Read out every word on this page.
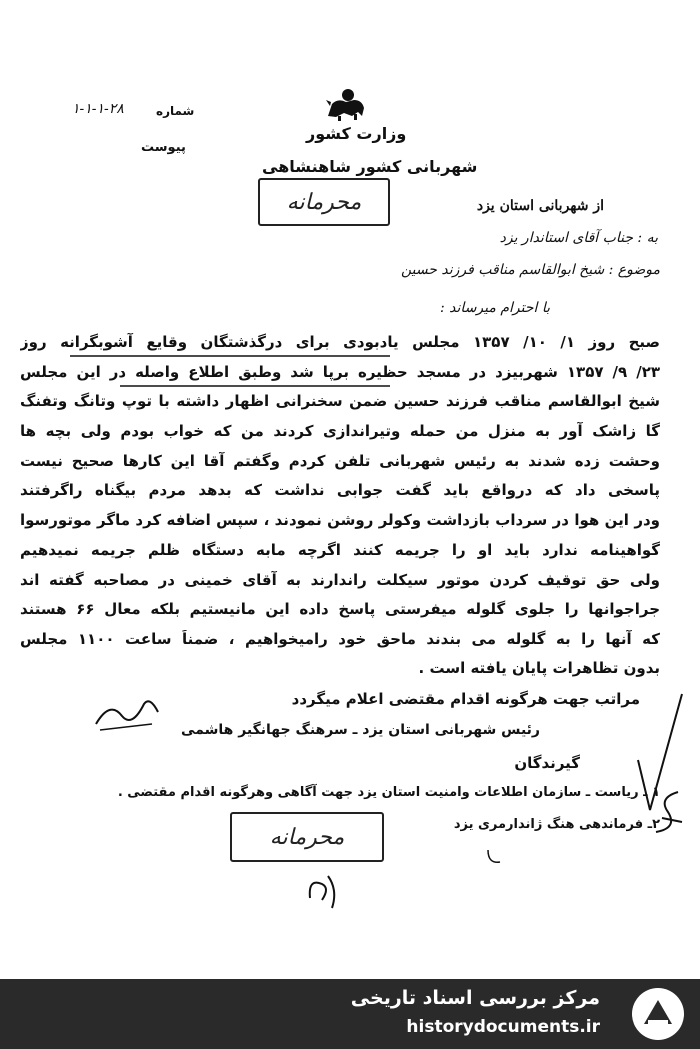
وزارت کشور
شهربانی کشور شاهنشاهی
شماره
۱-۱-۱-۲۸
پیوست
محرمانه	از شهربانی استان یزد
به : جناب آقای استاندار یزد
موضوع : شیخ ابوالقاسم مناقب فرزند حسین
با احترام میرساند :
صبح روز ۱/ ۱۰/ ۱۳۵۷ مجلس یادبودی برای درگذشتگان وقایع آشوبگرانه روز
۲۳/ ۹/ ۱۳۵۷ شهربیزد در مسجد حظیره برپا شد وطبق اطلاع واصله در این مجلس
شیخ ابوالقاسم مناقب فرزند حسین ضمن سخنرانی اظهار داشته با توپ وتانگ وتفنگ
گا زاشک آور به منزل من حمله وتیراندازی کردند من که خواب بودم ولی بچه ها
وحشت زده شدند به رئیس شهربانی تلفن کردم وگفتم آقا این کارها صحیح نیست
پاسخی داد که درواقع باید گفت جوابی نداشت که بدهد مردم بیگناه راگرفتند
ودر این هوا در سرداب بازداشت وکولر روشن نمودند ، سپس اضافه کرد ماگر موتورسوا
گواهینامه ندارد باید او را جریمه کنند اگرچه مابه دستگاه ظلم جریمه نمیدهیم
ولی حق توقیف کردن موتور سیکلت راندارند به آقای خمینی در مصاحبه گفته اند
جراجوانها را جلوی گلوله میفرستی پاسخ داده این مانیستیم بلکه معال ۶۶ هستند
که آنها را به گلوله می بندند ماحق خود رامیخواهیم ، ضمناً ساعت ۱۱۰۰ مجلس
بدون تظاهرات پایان یافته است .
مراتب جهت هرگونه اقدام مقتضی اعلام میگردد
رئیس شهربانی استان یزد ـ سرهنگ جهانگیر هاشمی
گیرندگان
۱ ـ ریاست ـ سازمان اطلاعات وامنیت استان یزد جهت آگاهی وهرگونه اقدام مقتضی .
۲ـ فرماندهی هنگ ژاندارمری یزد
محرمانه
مرکز بررسی اسناد تاریخی
historydocuments.ir
